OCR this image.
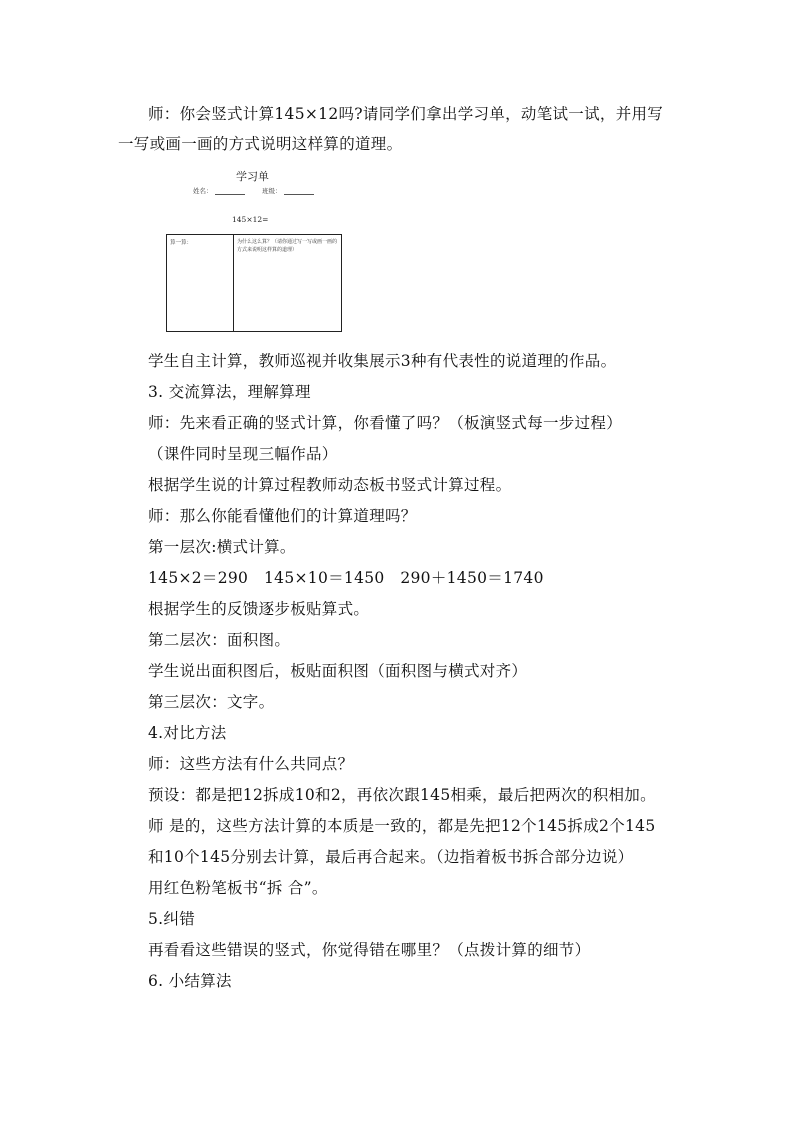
师：你会竖式计算145×12吗?请同学们拿出学习单，动笔试一试，并用写
一写或画一画的方式说明这样算的道理。
学习单
姓名：	班级：
145×12=
算一算：	为什么这么算？（请你通过写一写或画一画的方式来说明这样算的道理）
学生自主计算，教师巡视并收集展示3种有代表性的说道理的作品。
3. 交流算法，理解算理
师：先来看正确的竖式计算，你看懂了吗？（板演竖式每一步过程）
（课件同时呈现三幅作品）
根据学生说的计算过程教师动态板书竖式计算过程。
师：那么你能看懂他们的计算道理吗？
第一层次:横式计算。
145×2＝290　145×10＝1450　290＋1450＝1740
根据学生的反馈逐步板贴算式。
第二层次：面积图。
学生说出面积图后，板贴面积图（面积图与横式对齐）
第三层次：文字。
4.对比方法
师：这些方法有什么共同点？
预设：都是把12拆成10和2，再依次跟145相乘，最后把两次的积相加。
师 是的，这些方法计算的本质是一致的，都是先把12个145拆成2个145
和10个145分别去计算，最后再合起来。（边指着板书拆合部分边说）
用红色粉笔板书“拆 合”。
5.纠错
再看看这些错误的竖式，你觉得错在哪里？（点拨计算的细节）
6. 小结算法
